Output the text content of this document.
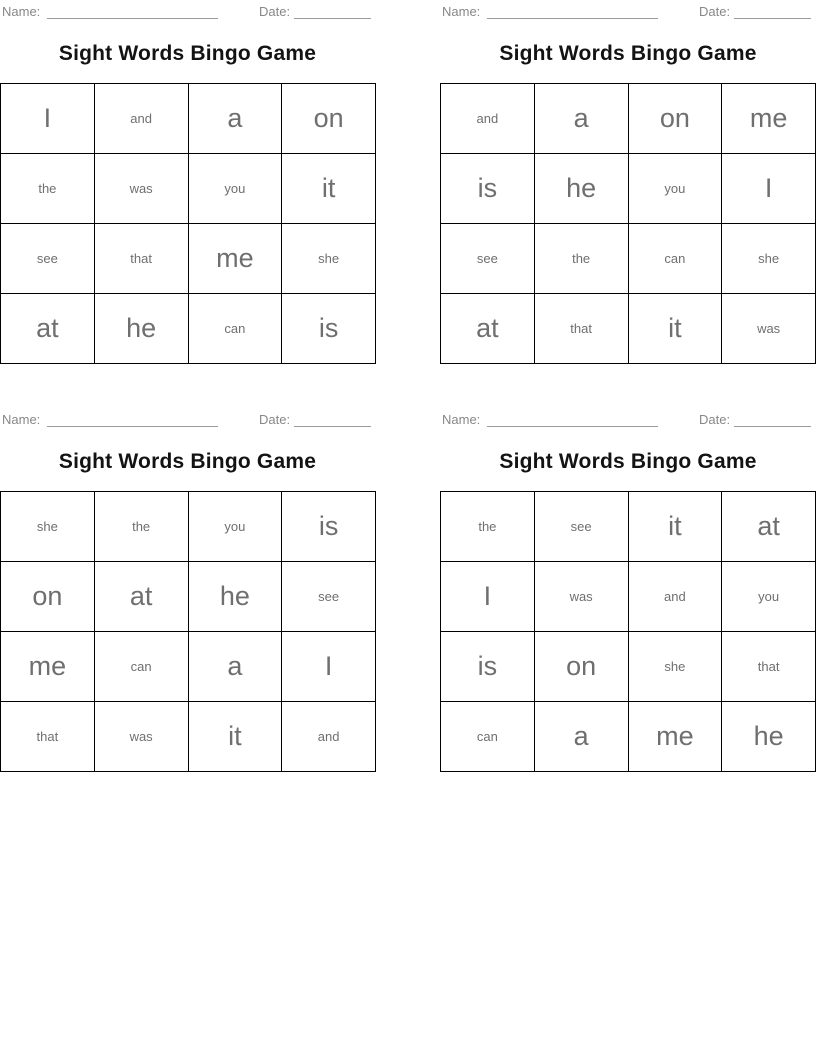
Name:	Date:
Sight Words Bingo Game
I	and	a	on
the	was	you	it
see	that	me	she
at	he	can	is
Name:	Date:
Sight Words Bingo Game
and	a	on	me
is	he	you	I
see	the	can	she
at	that	it	was
Name:	Date:
Sight Words Bingo Game
she	the	you	is
on	at	he	see
me	can	a	I
that	was	it	and
Name:	Date:
Sight Words Bingo Game
the	see	it	at
I	was	and	you
is	on	she	that
can	a	me	he
